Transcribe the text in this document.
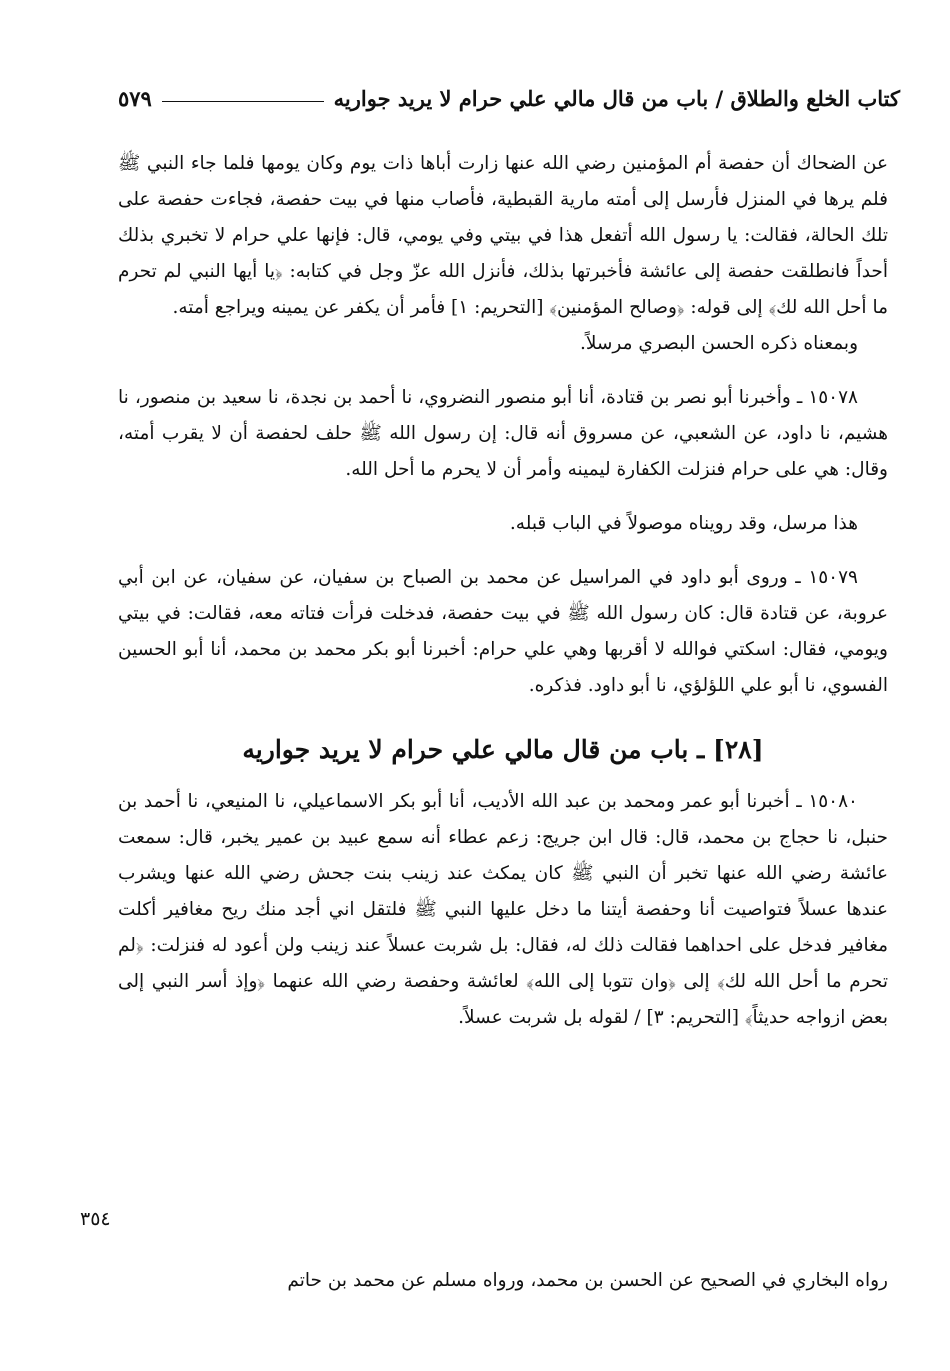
كتاب الخلع والطلاق / باب من قال مالي علي حرام لا يريد جواريه
٥٧٩

عن الضحاك أن حفصة أم المؤمنين رضي الله عنها زارت أباها ذات يوم وكان يومها فلما جاء النبي ﷺ فلم يرها في المنزل فأرسل إلى أمته مارية القبطية، فأصاب منها في بيت حفصة، فجاءت حفصة على تلك الحالة، فقالت: يا رسول الله أتفعل هذا في بيتي وفي يومي، قال: فإنها علي حرام لا تخبري بذلك أحداً فانطلقت حفصة إلى عائشة فأخبرتها بذلك، فأنزل الله عزّ وجل في كتابه: ﴿يا أيها النبي لم تحرم ما أحل الله لك﴾ إلى قوله: ﴿وصالح المؤمنين﴾ [التحريم: ١] فأمر أن يكفر عن يمينه ويراجع أمته.

وبمعناه ذكره الحسن البصري مرسلاً.

١٥٠٧٨ ـ وأخبرنا أبو نصر بن قتادة، أنا أبو منصور النضروي، نا أحمد بن نجدة، نا سعيد بن منصور، نا هشيم، نا داود، عن الشعبي، عن مسروق أنه قال: إن رسول الله ﷺ حلف لحفصة أن لا يقرب أمته، وقال: هي على حرام فنزلت الكفارة ليمينه وأمر أن لا يحرم ما أحل الله.

هذا مرسل، وقد رويناه موصولاً في الباب قبله.

١٥٠٧٩ ـ وروى أبو داود في المراسيل عن محمد بن الصباح بن سفيان، عن سفيان، عن ابن أبي عروبة، عن قتادة قال: كان رسول الله ﷺ في بيت حفصة، فدخلت فرأت فتاته معه، فقالت: في بيتي ويومي، فقال: اسكتي فوالله لا أقربها وهي علي حرام: أخبرنا أبو بكر محمد بن محمد، أنا أبو الحسين الفسوي، نا أبو علي اللؤلؤي، نا أبو داود. فذكره.

[٢٨] ـ باب من قال مالي علي حرام لا يريد جواريه

١٥٠٨٠ ـ أخبرنا أبو عمر ومحمد بن عبد الله الأديب، أنا أبو بكر الاسماعيلي، نا المنيعي، نا أحمد بن حنبل، نا حجاج بن محمد، قال: قال ابن جريج: زعم عطاء أنه سمع عبيد بن عمير يخبر، قال: سمعت عائشة رضي الله عنها تخبر أن النبي ﷺ كان يمكث عند زينب بنت جحش رضي الله عنها ويشرب عندها عسلاً فتواصيت أنا وحفصة أيتنا ما دخل عليها النبي ﷺ فلتقل اني أجد منك ريح مغافير أكلت مغافير فدخل على احداهما فقالت ذلك له، فقال: بل شربت عسلاً عند زينب ولن أعود له فنزلت: ﴿لم تحرم ما أحل الله لك﴾ إلى ﴿وان تتوبا إلى الله﴾ لعائشة وحفصة رضي الله عنهما ﴿وإذ أسر النبي إلى بعض ازواجه حديثاً﴾ [التحريم: ٣] / لقوله بل شربت عسلاً.

٣٥٤
رواه البخاري في الصحيح عن الحسن بن محمد، ورواه مسلم عن محمد بن حاتم
